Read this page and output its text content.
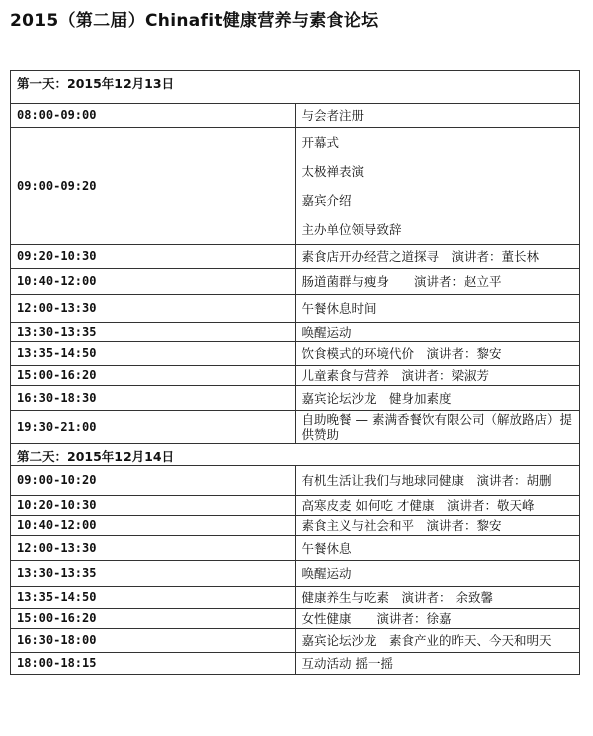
2015（第二届）Chinafit健康营养与素食论坛
第一天：2015年12月13日	
08:00-09:00	与会者注册

09:00-09:20	开幕式
太极禅表演
嘉宾介绍
主办单位领导致辞

09:20-10:30	素食店开办经营之道探寻　演讲者：董长林

10:40-12:00	肠道菌群与瘦身　　演讲者：赵立平

12:00-13:30	午餐休息时间

13:30-13:35	唤醒运动

13:35-14:50	饮食模式的环境代价　演讲者：黎安

15:00-16:20	儿童素食与营养　演讲者：梁淑芳

16:30-18:30	嘉宾论坛沙龙　健身加素度

19:30-21:00	自助晚餐 — 素满香餐饮有限公司（解放路店）提供赞助

第二天：2015年12月14日	
09:00-10:20	有机生活让我们与地球同健康　演讲者：胡删

10:20-10:30	高寒皮麦 如何吃 才健康　演讲者：敬天峰

10:40-12:00	素食主义与社会和平　演讲者：黎安

12:00-13:30	午餐休息

13:30-13:35	唤醒运动

13:35-14:50	健康养生与吃素　演讲者： 余致馨

15:00-16:20	女性健康　　演讲者：徐嘉

16:30-18:00	嘉宾论坛沙龙　素食产业的昨天、今天和明天

18:00-18:15	互动活动 摇一摇
